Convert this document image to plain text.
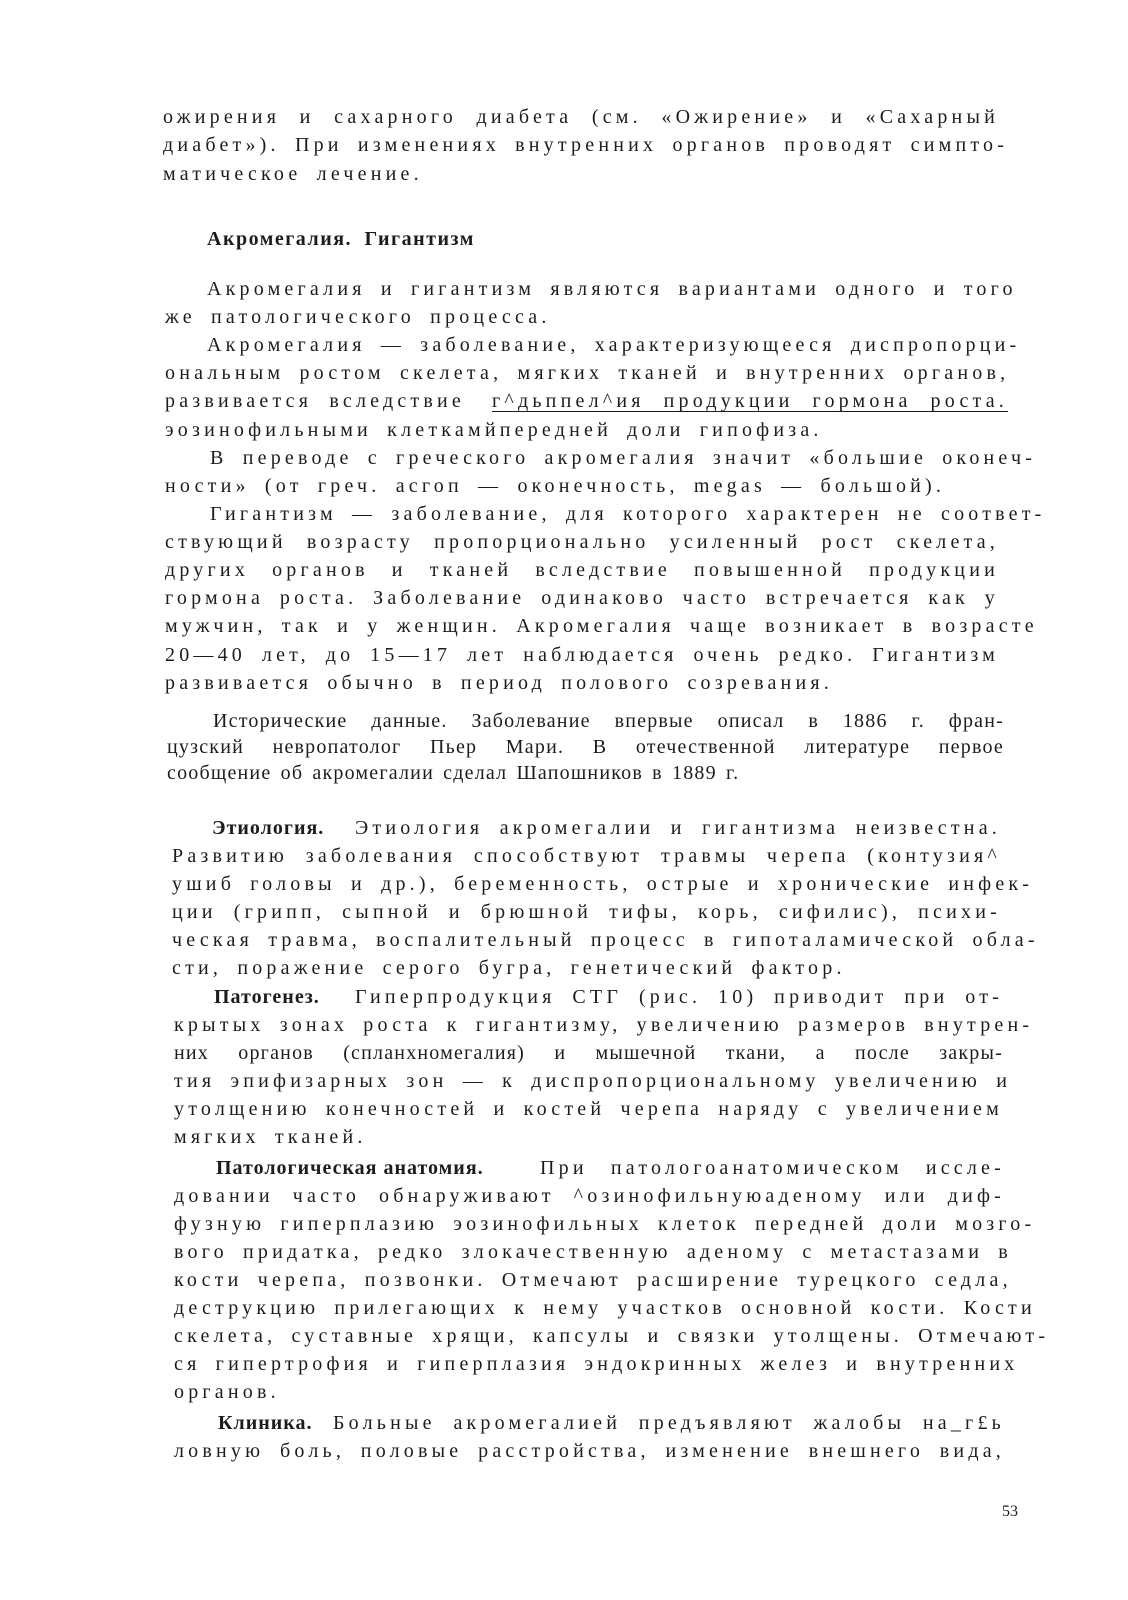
ожирения и сахарного диабета (см. «Ожирение» и «Сахарный
диабет»). При изменениях внутренних органов проводят симпто-
матическое лечение.
Акромегалия. Гигантизм
Акромегалия и гигантизм являются вариантами одного и того
же патологического процесса.
Акромегалия — заболевание, характеризующееся диспропорци-
ональным ростом скелета, мягких тканей и внутренних органов,
развивается вследствие г^дьппел^ия продукции гормона роста.
эозинофильными клеткамйпередней доли гипофиза.
В переводе с греческого акромегалия значит «большие оконеч-
ности» (от греч. acгоп — оконечность, megas — большой).
Гигантизм — заболевание, для которого характерен не соответ-
ствующий возрасту пропорционально усиленный рост скелета,
других органов и тканей вследствие повышенной продукции
гормона роста. Заболевание одинаково часто встречается как у
мужчин, так и у женщин. Акромегалия чаще возникает в возрасте
20—40 лет, до 15—17 лет наблюдается очень редко. Гигантизм
развивается обычно в период полового созревания.
Исторические данные. Заболевание впервые описал в 1886 г. фран-
цузский невропатолог Пьер Мари. В отечественной литературе первое
сообщение об акромегалии сделал Шапошников в 1889 г.
Этиология. Этиология акромегалии и гигантизма неизвестна.
Развитию заболевания способствуют травмы черепа (контузия^
ушиб головы и др.), беременность, острые и хронические инфек-
ции (грипп, сыпной и брюшной тифы, корь, сифилис), психи-
ческая травма, воспалительный процесс в гипоталамической обла-
сти, поражение серого бугра, генетический фактор.
Патогенез. Гиперпродукция СТГ (рис. 10) приводит при от-
крытых зонах роста к гигантизму, увеличению размеров внутрен-
них органов (спланхномегалия) и мышечной ткани, а после закры-
тия эпифизарных зон — к диспропорциональному увеличению и
утолщению конечностей и костей черепа наряду с увеличением
мягких тканей.
Патологическая анатомия.	При патологоанатомическом иссле-
довании часто обнаруживают ^озинофильнуюаденому или диф-
фузную гиперплазию эозинофильных клеток передней доли мозго-
вого придатка, редко злокачественную аденому с метастазами в
кости черепа, позвонки. Отмечают расширение турецкого седла,
деструкцию прилегающих к нему участков основной кости. Кости
скелета, суставные хрящи, капсулы и связки утолщены. Отмечают-
ся гипертрофия и гиперплазия эндокринных желез и внутренних
органов.
Клиника. Больные акромегалией предъявляют жалобы на_г£ь
ловную боль, половые расстройства, изменение внешнего вида,
53
